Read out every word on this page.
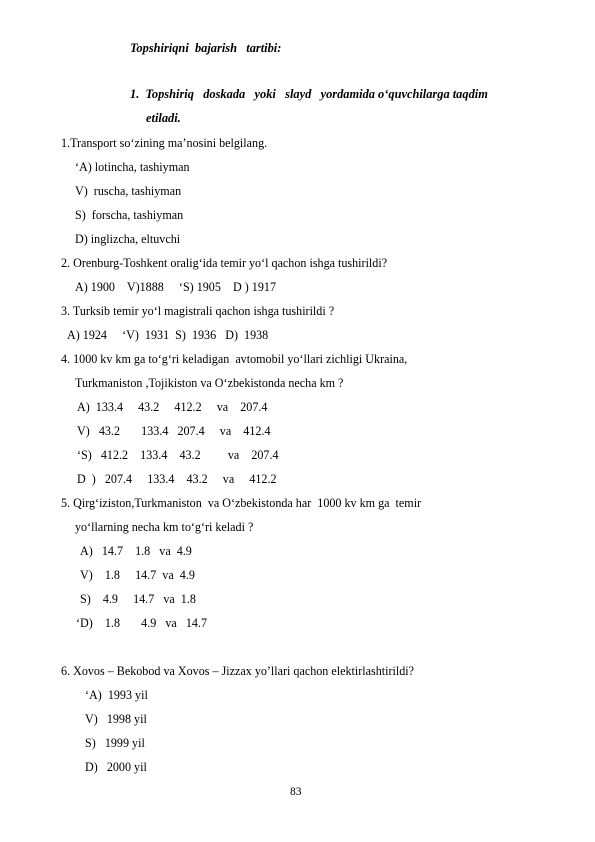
Topshiriqni  bajarish   tartibi:
1.  Topshiriq   doskada   yoki   slayd   yordamida o‘quvchilarga taqdim
etiladi.
1.Transport so‘zining ma’nosini belgilang.
‘A) lotincha, tashiyman
V)  ruscha, tashiyman
S)  forscha, tashiyman
D) inglizcha, eltuvchi
2. Orenburg-Toshkent oralig‘ida temir yo‘l qachon ishga tushirildi?
A) 1900    V)1888     ‘S) 1905    D ) 1917
3. Turksib temir yo‘l magistrali qachon ishga tushirildi ?
A) 1924     ‘V)  1931  S)  1936   D)  1938
4. 1000 kv km ga to‘g‘ri keladigan  avtomobil yo‘llari zichligi Ukraina,
Turkmaniston ,Tojikiston va O‘zbekistonda necha km ?
A)  133.4     43.2     412.2     va    207.4
V)   43.2       133.4   207.4     va    412.4
‘S)   412.2    133.4    43.2         va    207.4
D  )   207.4     133.4    43.2     va     412.2
5. Qirg‘iziston,Turkmaniston  va O‘zbekistonda har  1000 kv km ga  temir
yo‘llarning necha km to‘g‘ri keladi ?
A)   14.7    1.8   va  4.9
V)    1.8     14.7  va  4.9
S)    4.9     14.7   va  1.8
‘D)    1.8       4.9   va   14.7
6. Xovos – Bekobod va Xovos – Jizzax yo’llari qachon elektirlashtirildi?
‘A)  1993 yil
V)   1998 yil
S)   1999 yil
D)   2000 yil
83
